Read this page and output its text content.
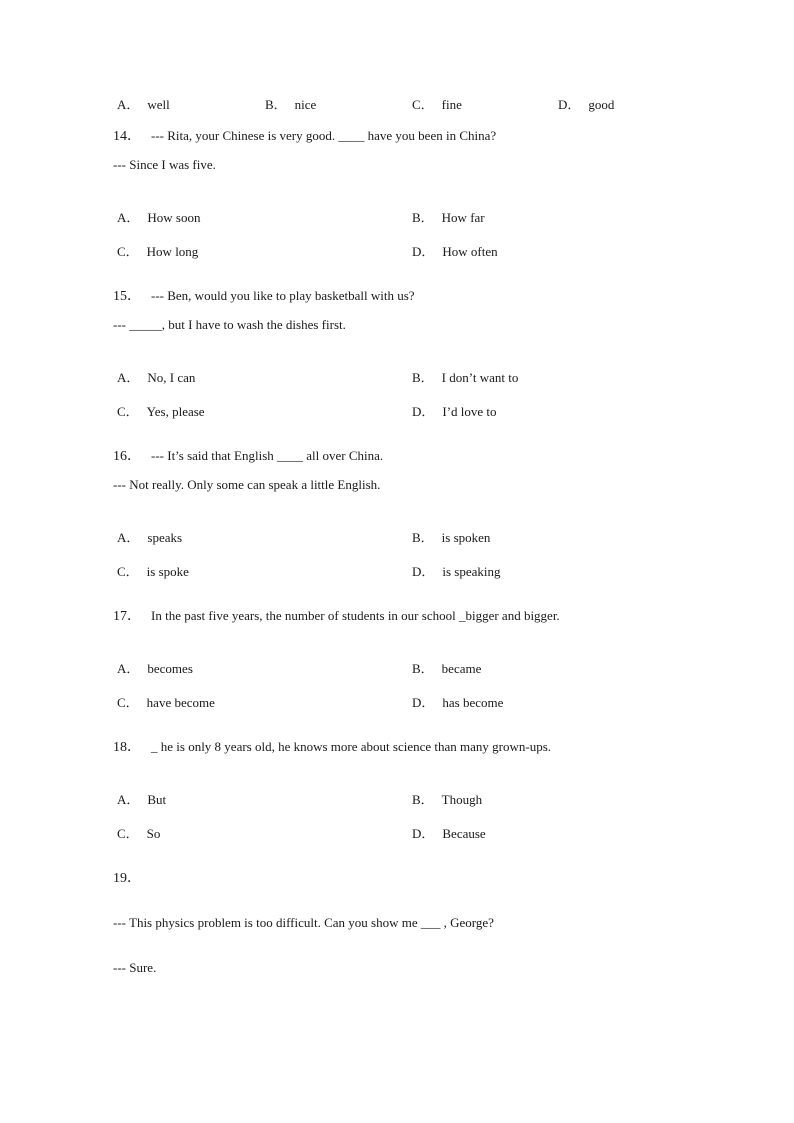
A． well	B． nice	C． fine	D． good
14． --- Rita, your Chinese is very good. ____ have you been in China?
--- Since I was five.
A． How soon	B． How far
C． How long	D． How often
15． --- Ben, would you like to play basketball with us?
--- _____, but I have to wash the dishes first.
A． No, I can	B． I don’t want to
C． Yes, please	D． I’d love to
16． --- It’s said that English ____ all over China.
--- Not really. Only some can speak a little English.
A． speaks	B． is spoken
C． is spoke	D． is speaking
17． In the past five years, the number of students in our school _bigger and bigger.
A． becomes	B． became
C． have become	D． has become
18． _ he is only 8 years old, he knows more about science than many grown-ups.
A． But	B． Though
C． So	D． Because
19．
--- This physics problem is too difficult. Can you show me ___ , George?
--- Sure.
